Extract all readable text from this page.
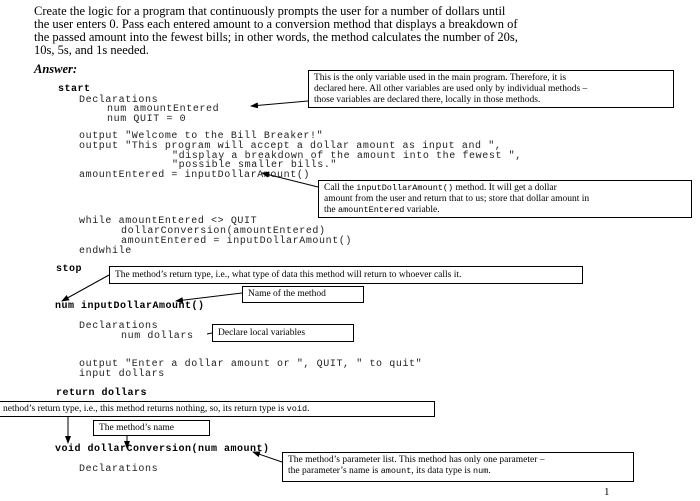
Create the logic for a program that continuously prompts the user for a number of dollars until
the user enters 0. Pass each entered amount to a conversion method that displays a breakdown of
the passed amount into the fewest bills; in other words, the method calculates the number of 20s,
10s, 5s, and 1s needed.
Answer:
start
Declarations
num amountEntered
num QUIT = 0
output "Welcome to the Bill Breaker!"
output "This program will accept a dollar amount as input and ",
"display a breakdown of the amount into the fewest ",
"possible smaller bills."
amountEntered = inputDollarAmount()
while amountEntered <> QUIT
dollarConversion(amountEntered)
amountEntered = inputDollarAmount()
endwhile
stop
num inputDollarAmount()
Declarations
num dollars
output "Enter a dollar amount or ", QUIT, " to quit"
input dollars
return dollars
void dollarConversion(num amount)
Declarations
This is the only variable used in the main program. Therefore, it is
declared here. All other variables are used only by individual methods –
those variables are declared there, locally in those methods.
Call the inputDollarAmount() method. It will get a dollar
amount from the user and return that to us; store that dollar amount in
the amountEntered variable.
The method’s return type, i.e., what type of data this method will return to whoever calls it.
Name of the method
Declare local variables
nethod’s return type, i.e., this method returns nothing, so, its return type is void.
The method’s name
The method’s parameter list. This method has only one parameter –
the parameter’s name is amount, its data type is num.
1
